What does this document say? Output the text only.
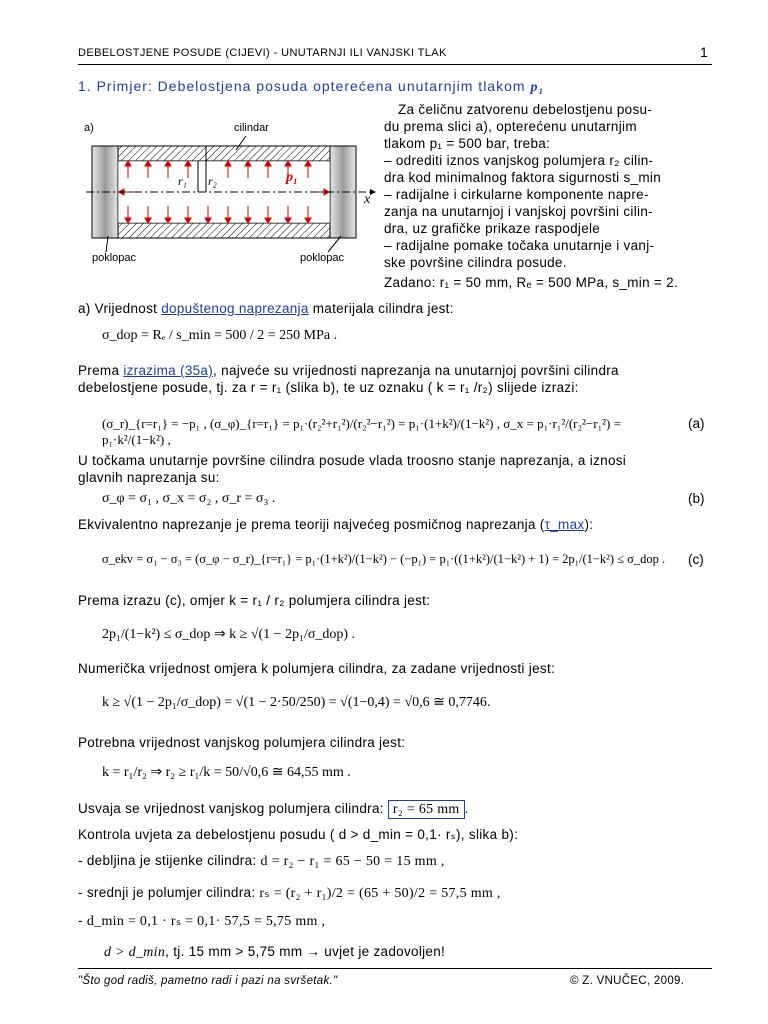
DEBELOSTJENE POSUDE (CIJEVI) - UNUTARNJI ILI VANJSKI TLAK	1
1. Primjer: Debelostjena posuda opterećena unutarnjim tlakom p₁
a)	cilindar
r₁ r₂	p₁
x
poklopac	poklopac
Za čeličnu zatvorenu debelostjenu posu-
du prema slici a), opterećenu unutarnjim
tlakom p₁ = 500 bar, treba:
– odrediti iznos vanjskog polumjera r₂ cilin-
dra kod minimalnog faktora sigurnosti s_min
– radijalne i cirkularne komponente napre-
zanja na unutarnjoj i vanjskoj površini cilin-
dra, uz grafičke prikaze raspodjele
– radijalne pomake točaka unutarnje i vanj-
ske površine cilindra posude.
Zadano: r₁ = 50 mm, Rₑ = 500 MPa, s_min = 2.
a) Vrijednost dopuštenog naprezanja materijala cilindra jest:
σ_dop = Rₑ / s_min = 500 / 2 = 250 MPa .
Prema izrazima (35a), najveće su vrijednosti naprezanja na unutarnjoj površini cilindra
debelostjene posude, tj. za r = r₁ (slika b), te uz oznaku ( k = r₁ /r₂) slijede izrazi:
(σ_r)_{r=r₁} = −p₁ , (σ_φ)_{r=r₁} = p₁·(r₂²+r₁²)/(r₂²−r₁²) = p₁·(1+k²)/(1−k²) , σ_x = p₁·r₁²/(r₂²−r₁²) = p₁·k²/(1−k²) ,
(a)
U točkama unutarnje površine cilindra posude vlada troosno stanje naprezanja, a iznosi
glavnih naprezanja su:
σ_φ = σ₁ , σ_x = σ₂ , σ_r = σ₃ .	(b)
Ekvivalentno naprezanje je prema teoriji najvećeg posmičnog naprezanja (τ_max):
σ_ekv = σ₁ − σ₃ = (σ_φ − σ_r)_{r=r₁} = p₁·(1+k²)/(1−k²) − (−p₁) = p₁·((1+k²)/(1−k²) + 1) = 2p₁/(1−k²) ≤ σ_dop .	(c)
Prema izrazu (c), omjer k = r₁ / r₂ polumjera cilindra jest:
2p₁/(1−k²) ≤ σ_dop ⇒ k ≥ √(1 − 2p₁/σ_dop) .
Numerička vrijednost omjera k polumjera cilindra, za zadane vrijednosti jest:
k ≥ √(1 − 2p₁/σ_dop) = √(1 − 2·50/250) = √(1−0,4) = √0,6 ≅ 0,7746.
Potrebna vrijednost vanjskog polumjera cilindra jest:
k = r₁/r₂ ⇒ r₂ ≥ r₁/k = 50/√0,6 ≅ 64,55 mm .
Usvaja se vrijednost vanjskog polumjera cilindra: r₂ = 65 mm .
Kontrola uvjeta za debelostjenu posudu ( d > d_min = 0,1· rₛ), slika b):
- debljina je stijenke cilindra: d = r₂ − r₁ = 65 − 50 = 15 mm ,
- srednji je polumjer cilindra: rₛ = (r₂ + r₁)/2 = (65 + 50)/2 = 57,5 mm ,
- d_min = 0,1 · rₛ = 0,1· 57,5 = 5,75 mm ,
d > d_min, tj. 15 mm > 5,75 mm → uvjet je zadovoljen!
"Što god radiš, pametno radi i pazi na svršetak."	© Z. VNUČEC, 2009.
